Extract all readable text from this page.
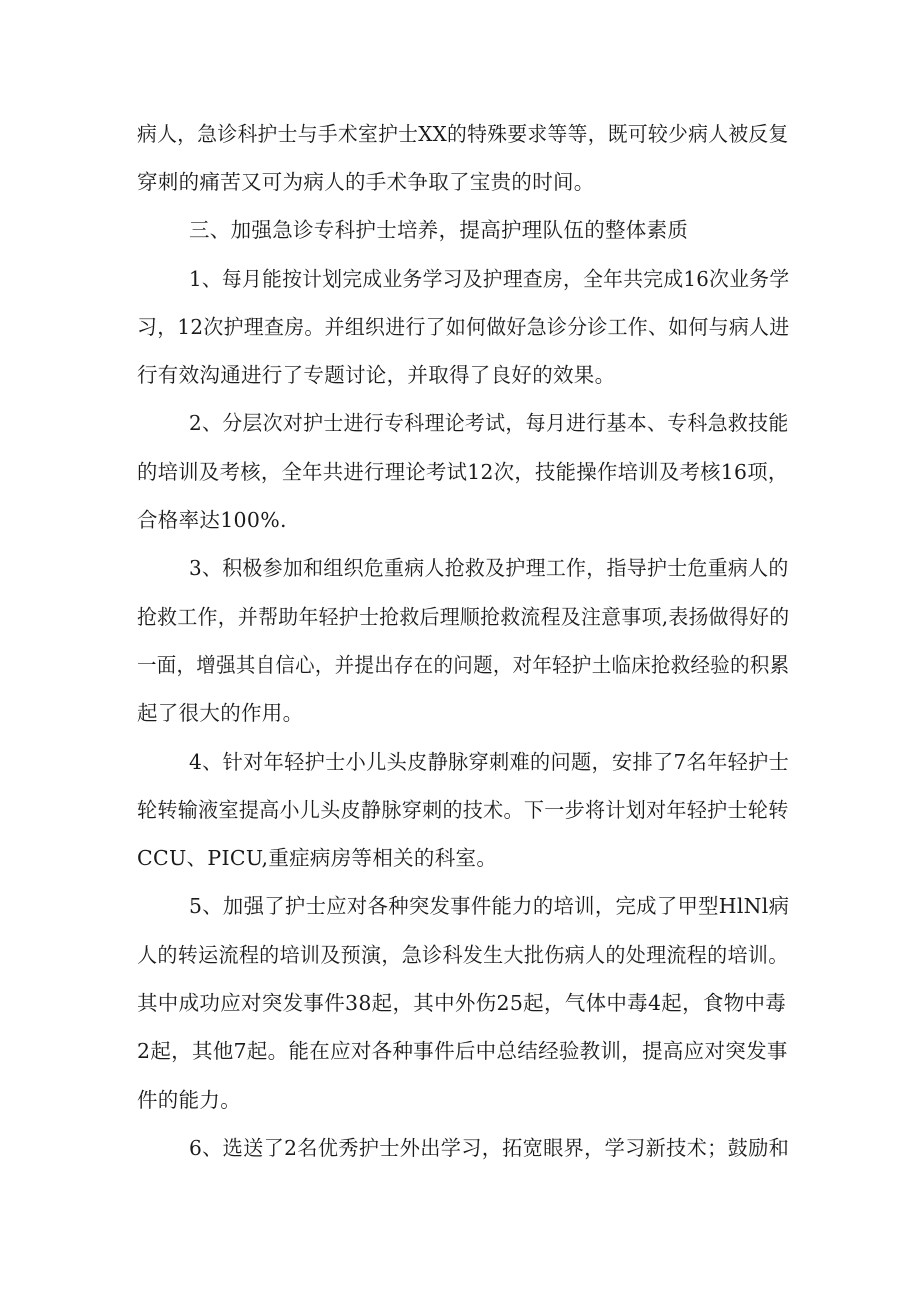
病人，急诊科护士与手术室护士XX的特殊要求等等，既可较少病人被反复
穿刺的痛苦又可为病人的手术争取了宝贵的时间。
三、加强急诊专科护士培养，提高护理队伍的整体素质
1、每月能按计划完成业务学习及护理查房，全年共完成16次业务学
习，12次护理查房。并组织进行了如何做好急诊分诊工作、如何与病人进
行有效沟通进行了专题讨论，并取得了良好的效果。
2、分层次对护士进行专科理论考试，每月进行基本、专科急救技能
的培训及考核，全年共进行理论考试12次，技能操作培训及考核16项，
合格率达100%.
3、积极参加和组织危重病人抢救及护理工作，指导护士危重病人的
抢救工作，并帮助年轻护士抢救后理顺抢救流程及注意事项,表扬做得好的
一面，增强其自信心，并提出存在的问题，对年轻护土临床抢救经验的积累
起了很大的作用。
4、针对年轻护士小儿头皮静脉穿刺难的问题，安排了7名年轻护士
轮转输液室提高小儿头皮静脉穿刺的技术。下一步将计划对年轻护士轮转
CCU、PICU,重症病房等相关的科室。
5、加强了护士应对各种突发事件能力的培训，完成了甲型HlNl病
人的转运流程的培训及预演，急诊科发生大批伤病人的处理流程的培训。
其中成功应对突发事件38起，其中外伤25起，气体中毒4起，食物中毒
2起，其他7起。能在应对各种事件后中总结经验教训，提高应对突发事
件的能力。
6、选送了2名优秀护士外出学习，拓宽眼界，学习新技术；鼓励和
